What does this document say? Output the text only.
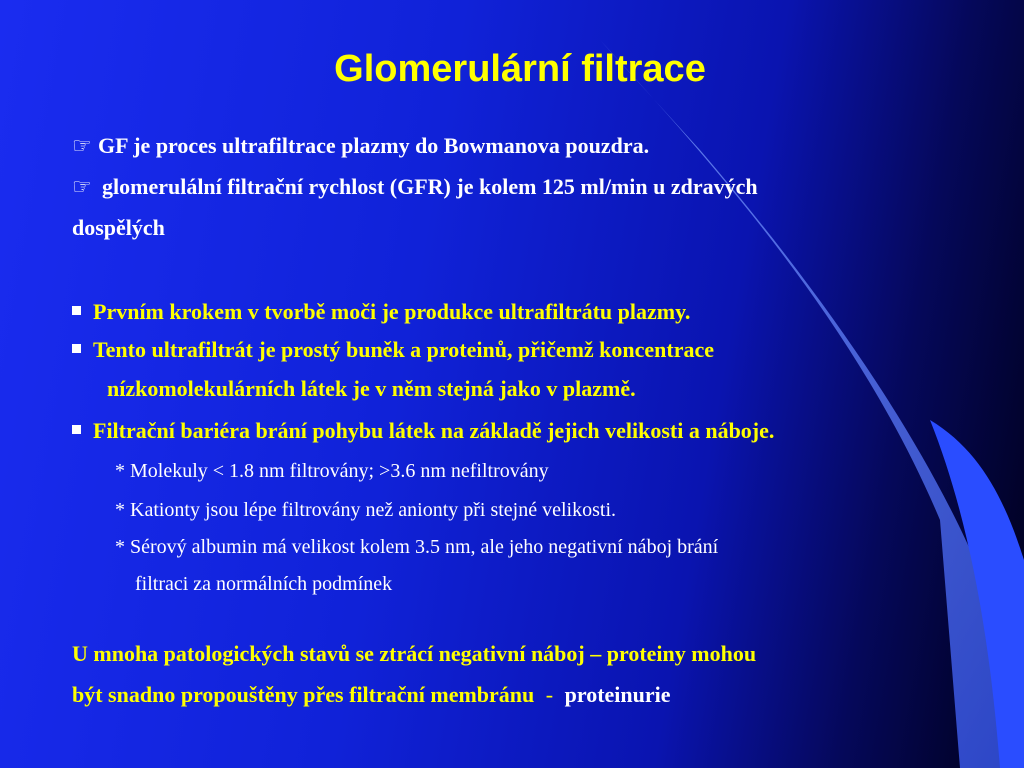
Glomerulární filtrace
☞ GF je proces ultrafiltrace plazmy do Bowmanova pouzdra.
☞ glomerulální filtrační rychlost (GFR) je kolem 125 ml/min u zdravých
dospělých
Prvním krokem v tvorbě moči je produkce ultrafiltrátu plazmy.
Tento ultrafiltrát je prostý buněk a proteinů, přičemž koncentrace
nízkomolekulárních látek je v něm stejná jako v plazmě.
Filtrační bariéra brání pohybu látek na základě jejich velikosti a náboje.
* Molekuly < 1.8 nm filtrovány; >3.6 nm nefiltrovány
* Kationty jsou lépe filtrovány než anionty při stejné velikosti.
* Sérový albumin má velikost kolem 3.5 nm, ale jeho negativní náboj brání
filtraci za normálních podmínek
U mnoha patologických stavů se ztrácí negativní náboj – proteiny mohou
být snadno propouštěny přes filtrační membránu - proteinurie
